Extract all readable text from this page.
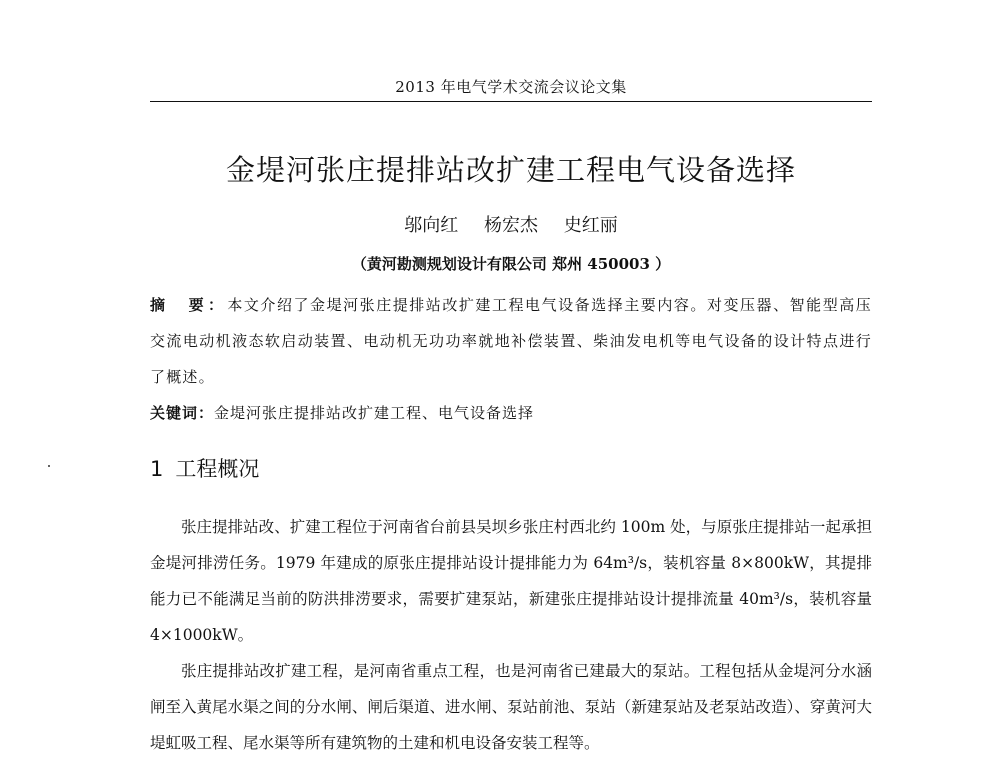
2013 年电气学术交流会议论文集
金堤河张庄提排站改扩建工程电气设备选择
邬向红 杨宏杰 史红丽
（黄河勘测规划设计有限公司 郑州 450003 ）
摘　要：本文介绍了金堤河张庄提排站改扩建工程电气设备选择主要内容。对变压器、智能型高压交流电动机液态软启动装置、电动机无功功率就地补偿装置、柴油发电机等电气设备的设计特点进行了概述。
关键词：金堤河张庄提排站改扩建工程、电气设备选择
1 工程概况

张庄提排站改、扩建工程位于河南省台前县吴坝乡张庄村西北约 100m 处，与原张庄提排站一起承担金堤河排涝任务。1979 年建成的原张庄提排站设计提排能力为 64m³/s，装机容量 8×800kW，其提排能力已不能满足当前的防洪排涝要求，需要扩建泵站，新建张庄提排站设计提排流量 40m³/s，装机容量 4×1000kW。

张庄提排站改扩建工程，是河南省重点工程，也是河南省已建最大的泵站。工程包括从金堤河分水涵闸至入黄尾水渠之间的分水闸、闸后渠道、进水闸、泵站前池、泵站（新建泵站及老泵站改造）、穿黄河大堤虹吸工程、尾水渠等所有建筑物的土建和机电设备安装工程等。
